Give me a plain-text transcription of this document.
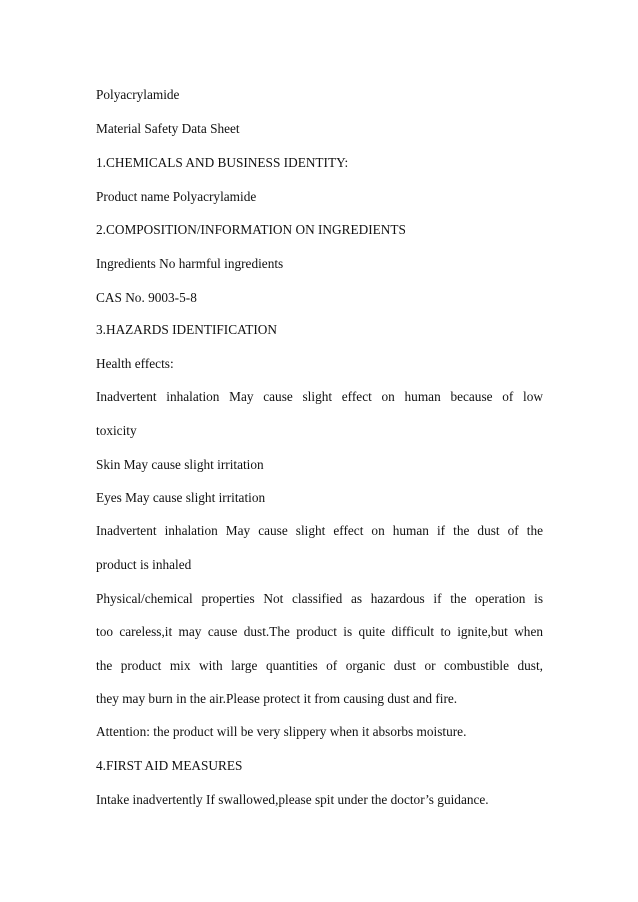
Polyacrylamide

Material Safety Data Sheet

1.CHEMICALS AND BUSINESS IDENTITY:

Product name Polyacrylamide

2.COMPOSITION/INFORMATION ON INGREDIENTS

Ingredients No harmful ingredients

CAS No. 9003-5-8

3.HAZARDS IDENTIFICATION

Health effects:

Inadvertent inhalation May cause slight effect on human because of low

toxicity

Skin May cause slight irritation

Eyes May cause slight irritation

Inadvertent inhalation May cause slight effect on human if the dust of the

product is inhaled

Physical/chemical properties Not classified as hazardous if the operation is

too careless,it may cause dust.The product is quite difficult to ignite,but when

the product mix with large quantities of organic dust or combustible dust,

they may burn in the air.Please protect it from causing dust and fire.

Attention: the product will be very slippery when it absorbs moisture.

4.FIRST AID MEASURES

Intake inadvertently If swallowed,please spit under the doctor’s guidance.
